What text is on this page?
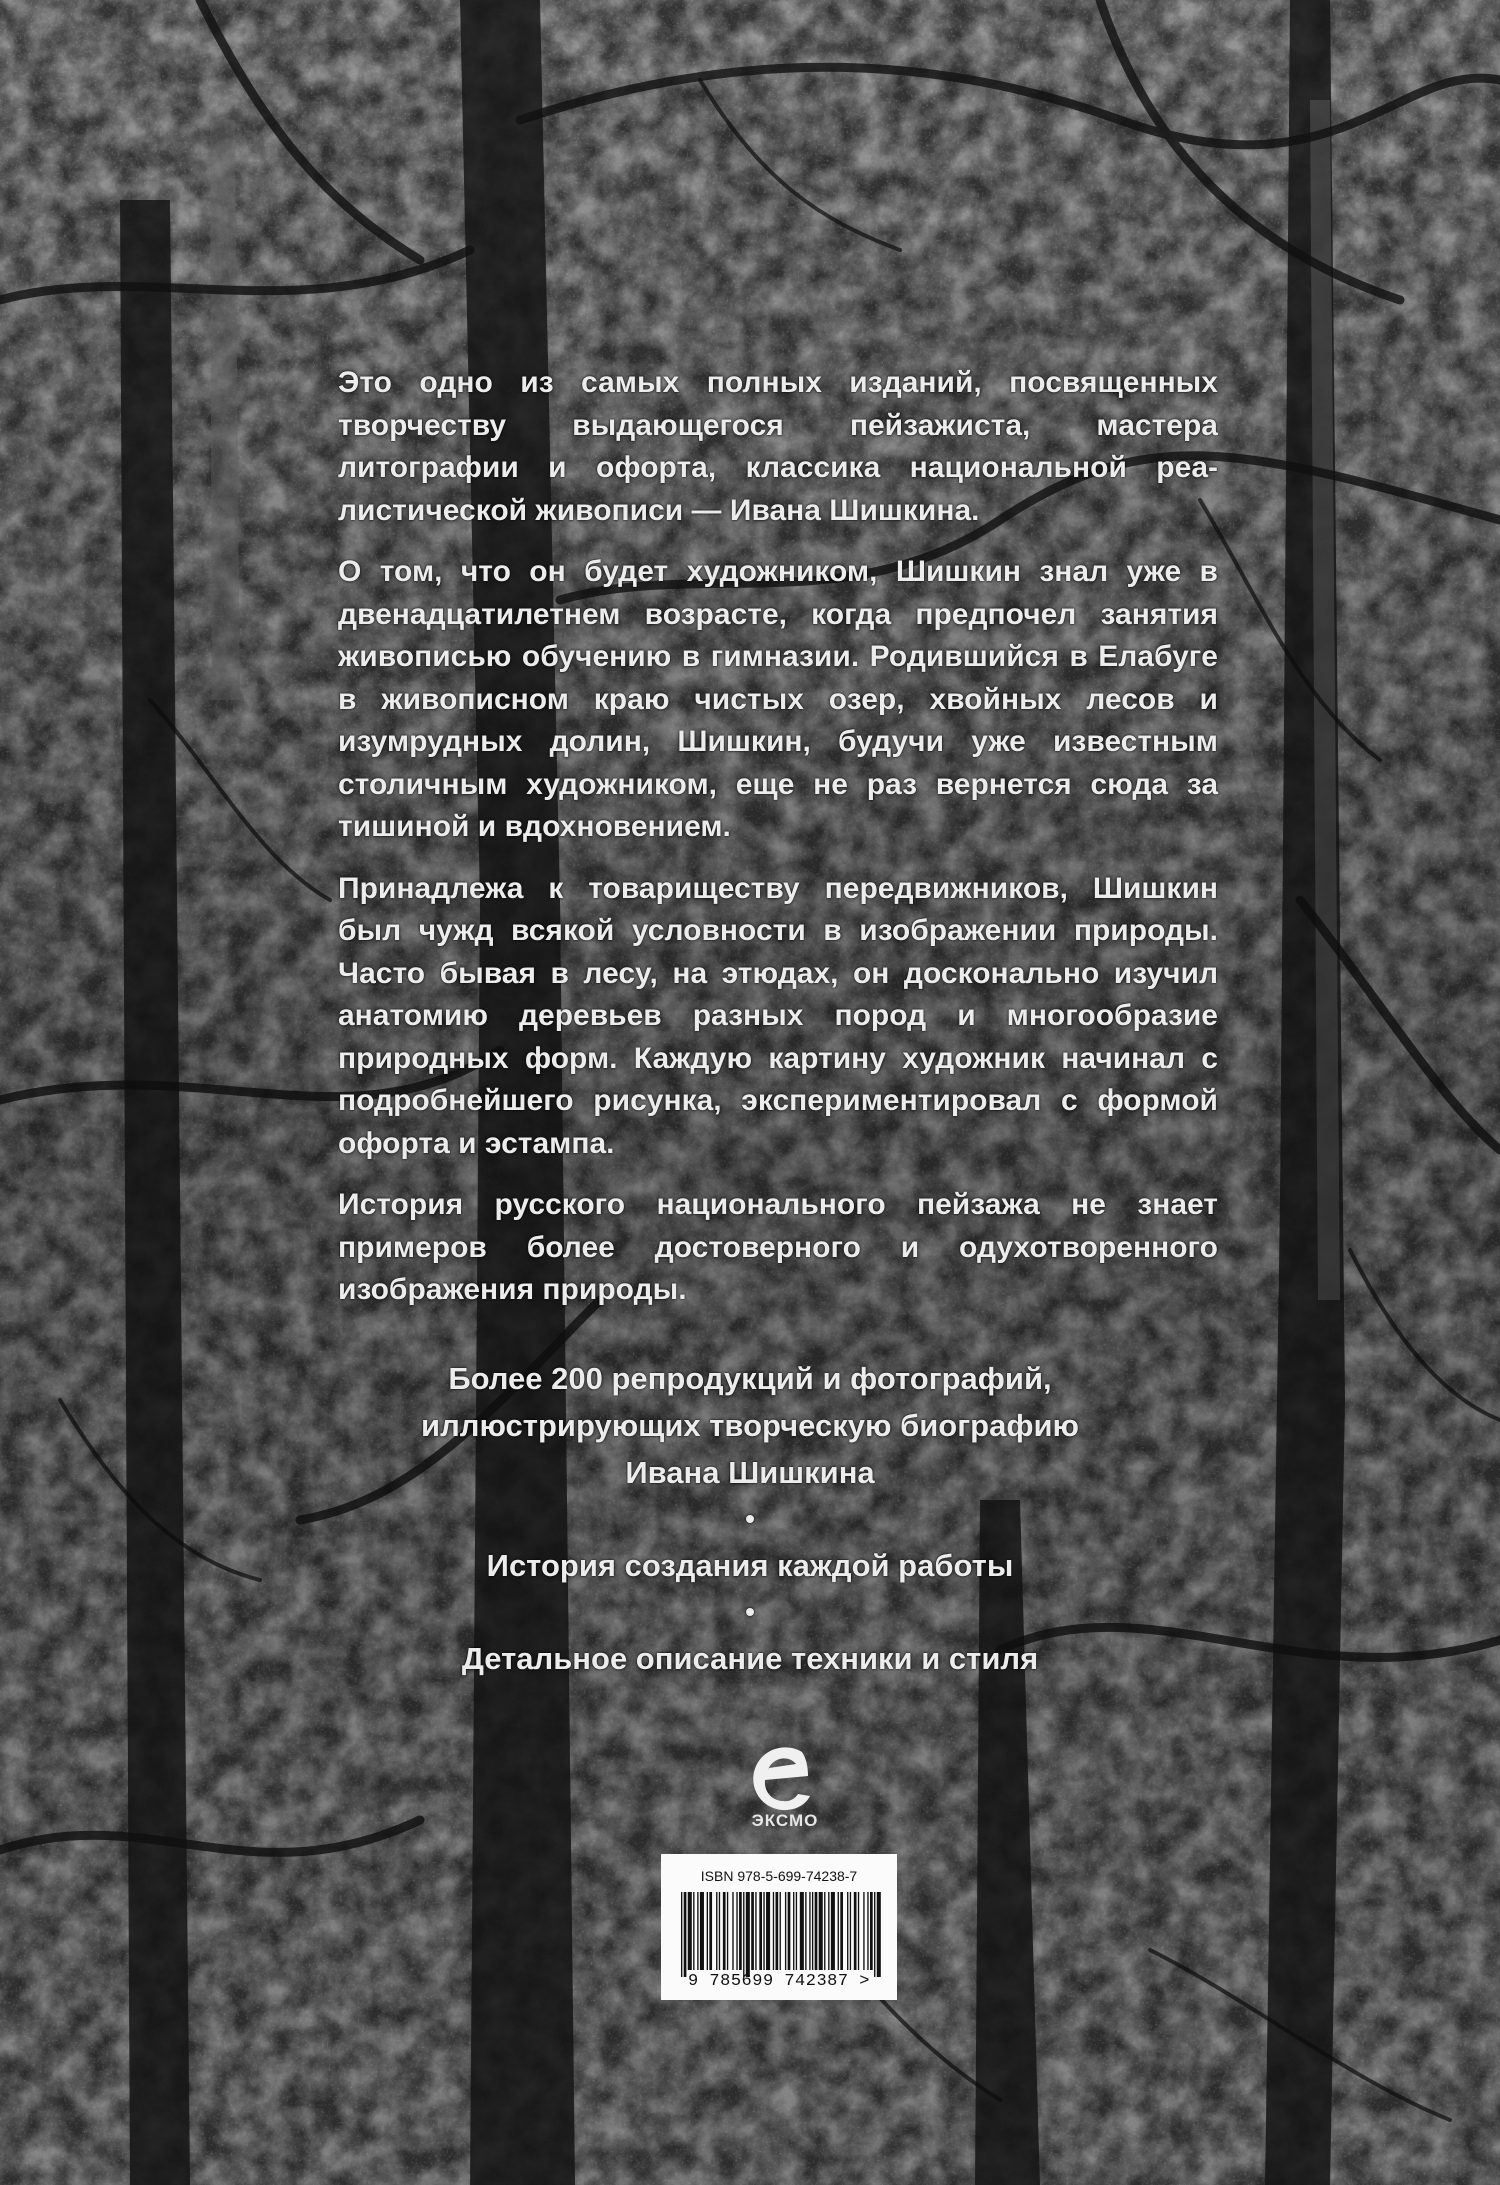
Это одно из самых полных изданий, посвященных творчеству выдающегося пейзажиста, мастера литографии и офорта, классика национальной реалистической живописи — Ивана Шишкина.

О том, что он будет художником, Шишкин знал уже в двенадцатилетнем возрасте, когда предпочел занятия живописью обучению в гимназии. Родившийся в Елабуге в живописном краю чистых озер, хвойных лесов и изумрудных долин, Шишкин, будучи уже известным столичным художником, еще не раз вернется сюда за тишиной и вдохновением.

Принадлежа к товариществу передвижников, Шишкин был чужд всякой условности в изображении природы. Часто бывая в лесу, на этюдах, он досконально изучил анатомию деревьев разных пород и многообразие природных форм. Каждую картину художник начинал с подробнейшего рисунка, экспериментировал с формой офорта и эстампа.

История русского национального пейзажа не знает примеров более достоверного и одухотворенного изображения природы.

Более 200 репродукций и фотографий,
иллюстрирующих творческую биографию
Ивана Шишкина
•
История создания каждой работы
•
Детальное описание техники и стиля
ЭКСМО
ISBN 978-5-699-74238-7
9 785699 742387 >
